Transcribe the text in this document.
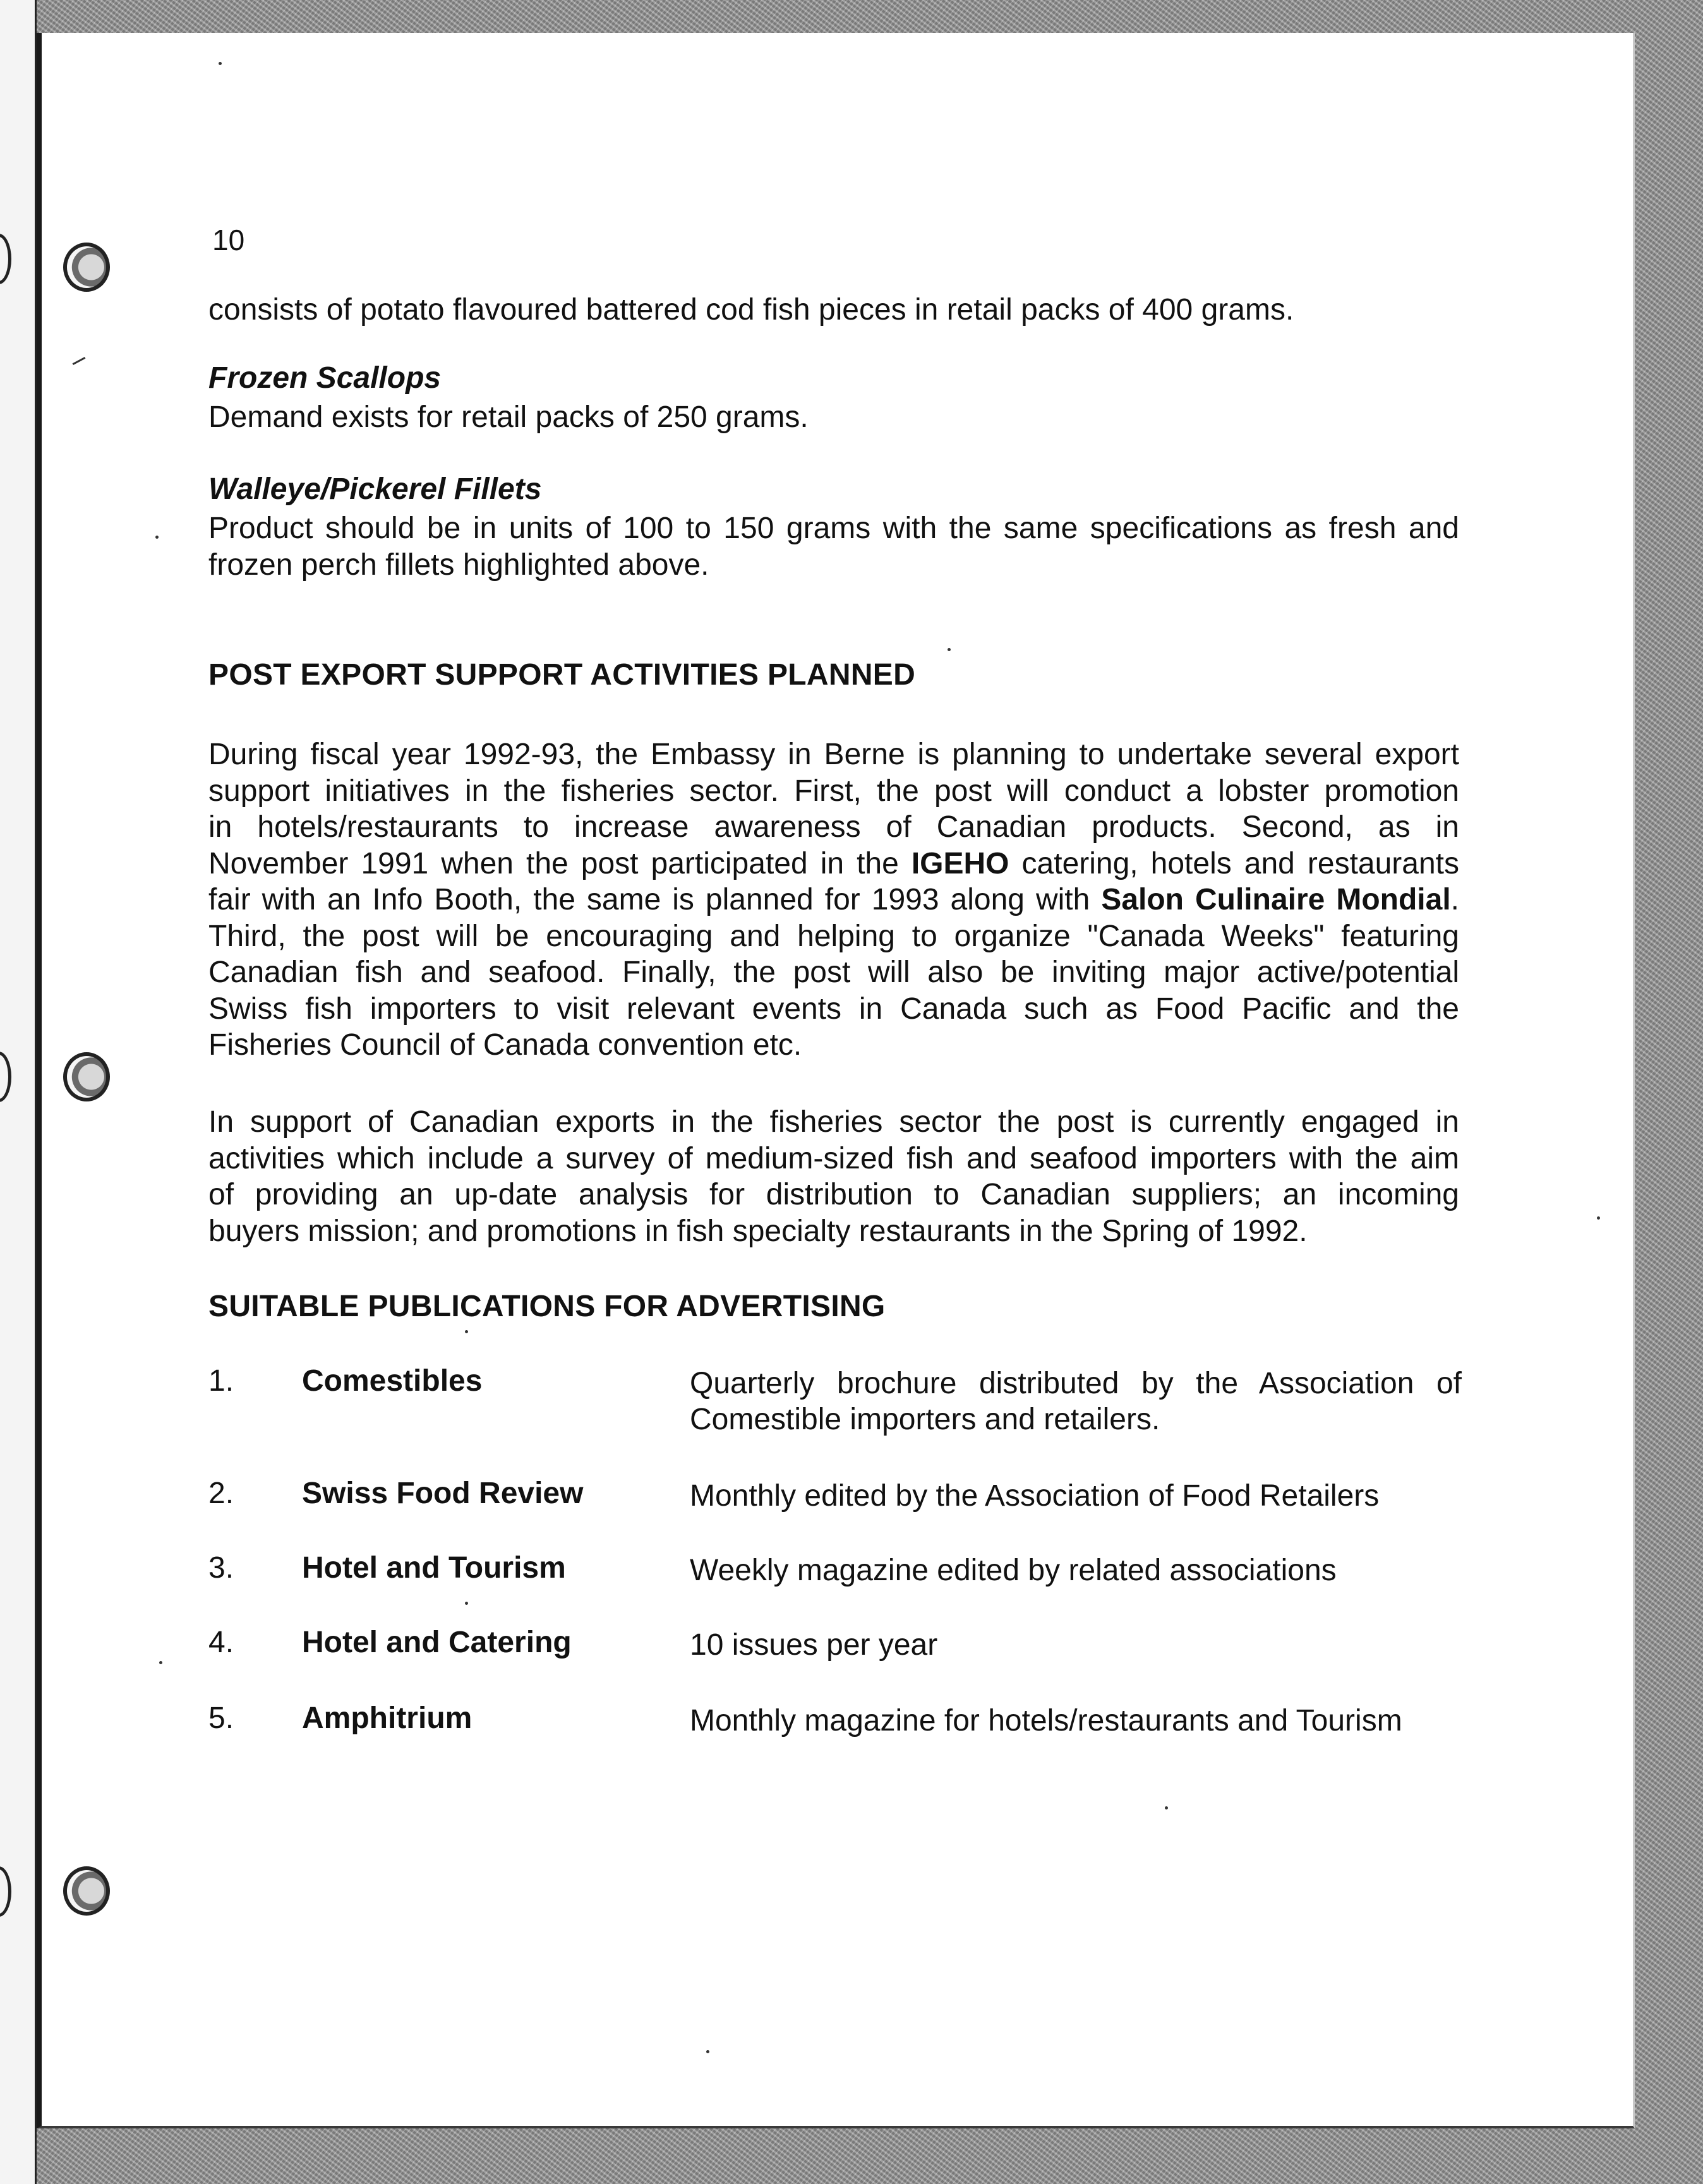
10
consists of potato flavoured battered cod fish pieces in retail packs of 400 grams.
Frozen Scallops
Demand exists for retail packs of 250 grams.
Walleye/Pickerel Fillets
Product should be in units of 100 to 150 grams with the same specifications as fresh and
frozen perch fillets highlighted above.
POST EXPORT SUPPORT ACTIVITIES PLANNED
During fiscal year 1992-93, the Embassy in Berne is planning to undertake several export
support initiatives in the fisheries sector. First, the post will conduct a lobster promotion
in hotels/restaurants to increase awareness of Canadian products. Second, as in
November 1991 when the post participated in the IGEHO catering, hotels and restaurants
fair with an Info Booth, the same is planned for 1993 along with Salon Culinaire Mondial.
Third, the post will be encouraging and helping to organize "Canada Weeks" featuring
Canadian fish and seafood. Finally, the post will also be inviting major active/potential
Swiss fish importers to visit relevant events in Canada such as Food Pacific and the
Fisheries Council of Canada convention etc.
In support of Canadian exports in the fisheries sector the post is currently engaged in
activities which include a survey of medium-sized fish and seafood importers with the aim
of providing an up-date analysis for distribution to Canadian suppliers; an incoming
buyers mission; and promotions in fish specialty restaurants in the Spring of 1992.
SUITABLE PUBLICATIONS FOR ADVERTISING
1. Comestibles	Quarterly brochure distributed by the Association of
Comestible importers and retailers.
2. Swiss Food Review	Monthly edited by the Association of Food Retailers
3. Hotel and Tourism	Weekly magazine edited by related associations
4. Hotel and Catering	10 issues per year
5. Amphitrium	Monthly magazine for hotels/restaurants and Tourism
